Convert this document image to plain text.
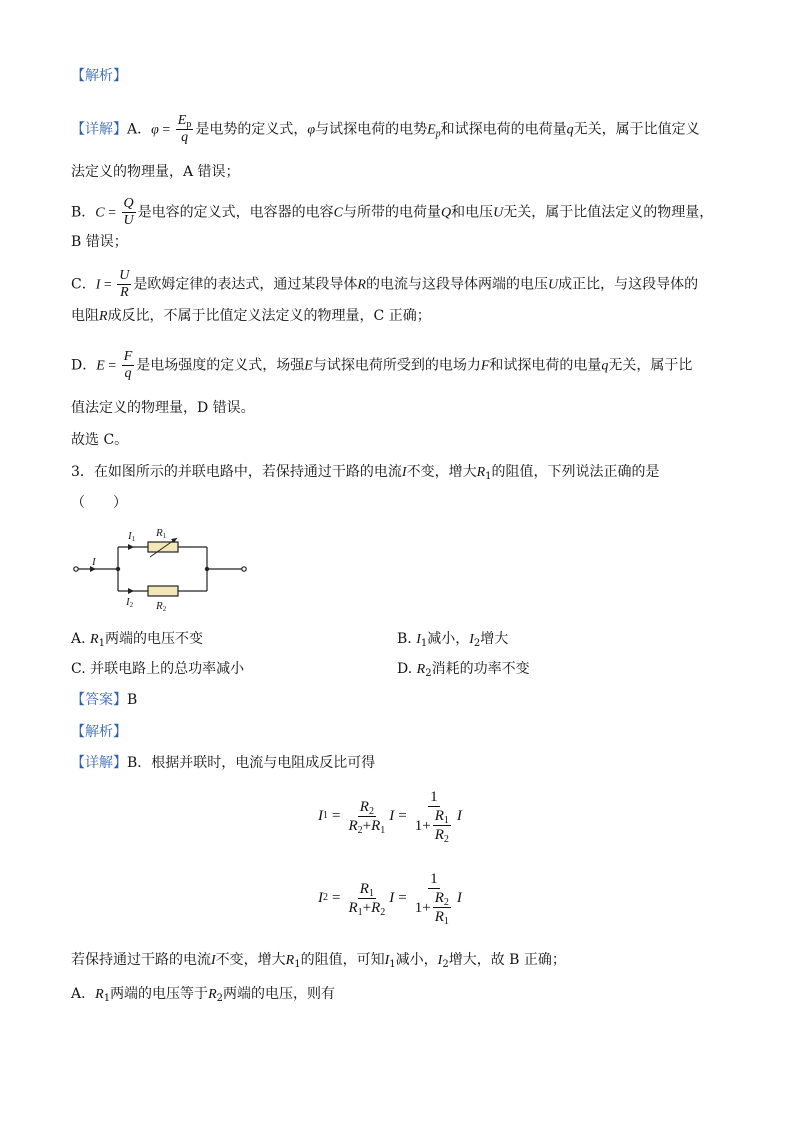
【解析】
【详解】A．$\varphi = \frac{E_p}{q}$ 是电势的定义式，φ与试探电荷的电势$E_p$和试探电荷的电荷量q无关，属于比值定义
法定义的物理量，A 错误；
B．$C = \frac{Q}{U}$ 是电容的定义式，电容器的电容C与所带的电荷量Q和电压U无关，属于比值法定义的物理量，
B 错误；
C．$I = \frac{U}{R}$ 是欧姆定律的表达式，通过某段导体R的电流与这段导体两端的电压U成正比，与这段导体的
电阻R成反比，不属于比值定义法定义的物理量，C 正确；
D．$E = \frac{F}{q}$ 是电场强度的定义式，场强E与试探电荷所受到的电场力F和试探电荷的电量q无关，属于比
值法定义的物理量，D 错误。
故选 C。
3．在如图所示的并联电路中，若保持通过干路的电流I不变，增大$R_1$的阻值，下列说法正确的是
（　　）
I
I1 R1
I2 R2
A. $R_1$两端的电压不变	B. $I_1$减小，$I_2$增大
C. 并联电路上的总功率减小	D. $R_2$消耗的功率不变
【答案】B
【解析】
【详解】B．根据并联时，电流与电阻成反比可得
I $1 = \frac{R_2}{R_2+R_1}$ $I = \frac{1}{1+ \frac{R_1}{R_2}}$ I
I $2 = \frac{R_1}{R_1+R_2}$ $I = \frac{1}{1+ \frac{R_2}{R_1}}$ I
若保持通过干路的电流I不变，增大$R_1$的阻值，可知$I_1$减小，$I_2$增大，故 B 正确；
A．$R_1$两端的电压等于$R_2$两端的电压，则有
